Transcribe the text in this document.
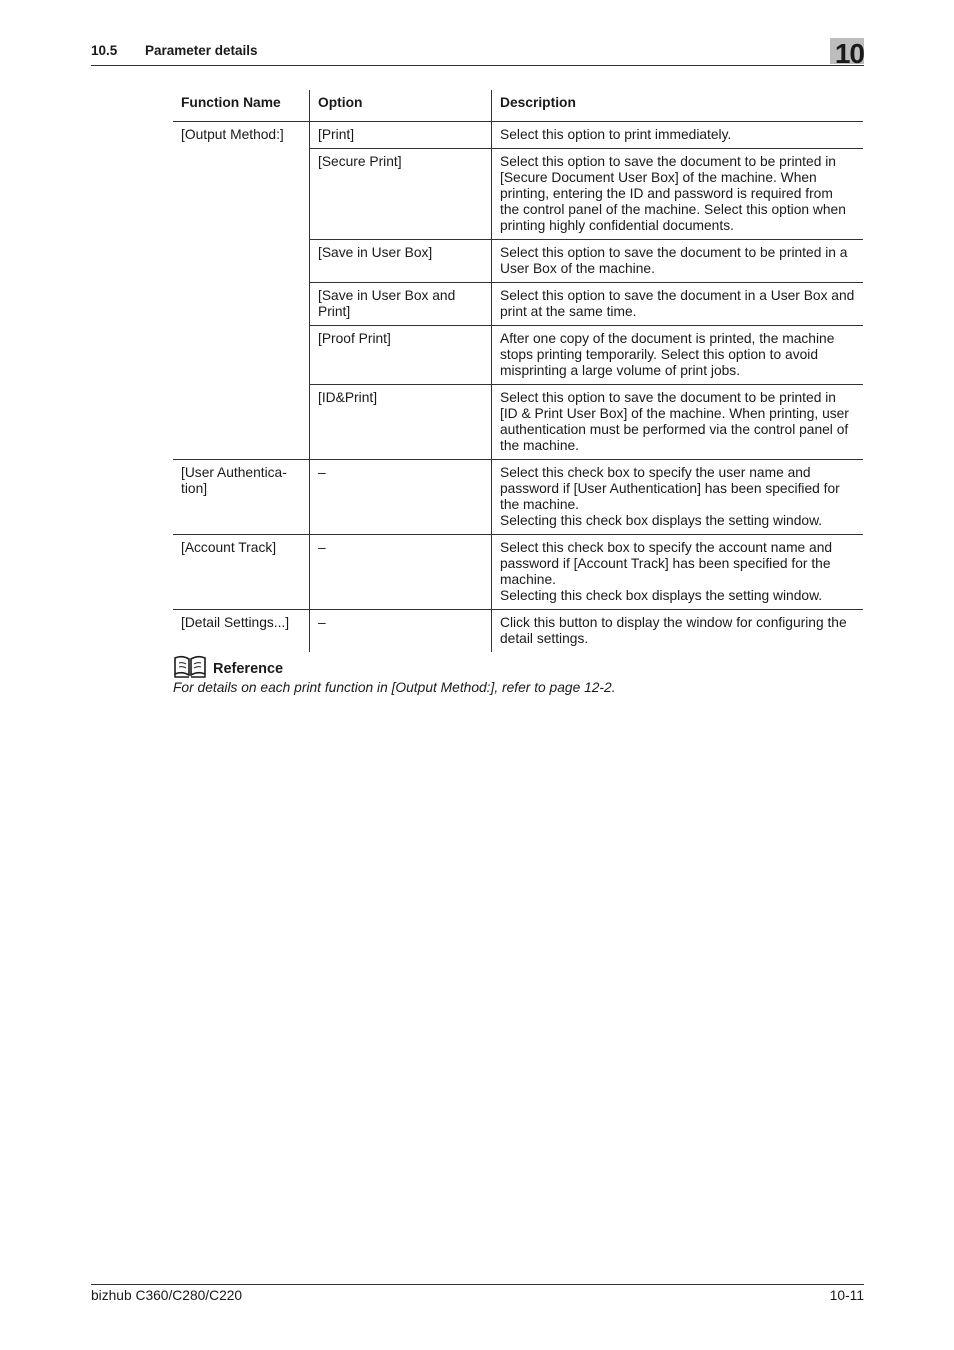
10.5 Parameter details	10
Function Name	Option	Description
[Output Method:]	[Print]	Select this option to print immediately.

	[Secure Print]	Select this option to save the document to be printed in [Secure Document User Box] of the machine. When printing, entering the ID and password is required from the control panel of the machine. Select this option when printing highly confidential documents.

	[Save in User Box]	Select this option to save the document to be printed in a User Box of the machine.

	[Save in User Box and Print]	Select this option to save the document in a User Box and print at the same time.

	[Proof Print]	After one copy of the document is printed, the machine stops printing temporarily. Select this option to avoid misprinting a large volume of print jobs.

	[ID&Print]	Select this option to save the document to be printed in [ID & Print User Box] of the machine. When printing, user authentication must be performed via the control panel of the machine.

[User Authentica-tion]	–	Select this check box to specify the user name and password if [User Authentication] has been specified for the machine.
Selecting this check box displays the setting window.

[Account Track]	–	Select this check box to specify the account name and password if [Account Track] has been specified for the machine.
Selecting this check box displays the setting window.

[Detail Settings...]	–	Click this button to display the window for configuring the detail settings.
Reference
For details on each print function in [Output Method:], refer to page 12-2.
bizhub C360/C280/C220	10-11
